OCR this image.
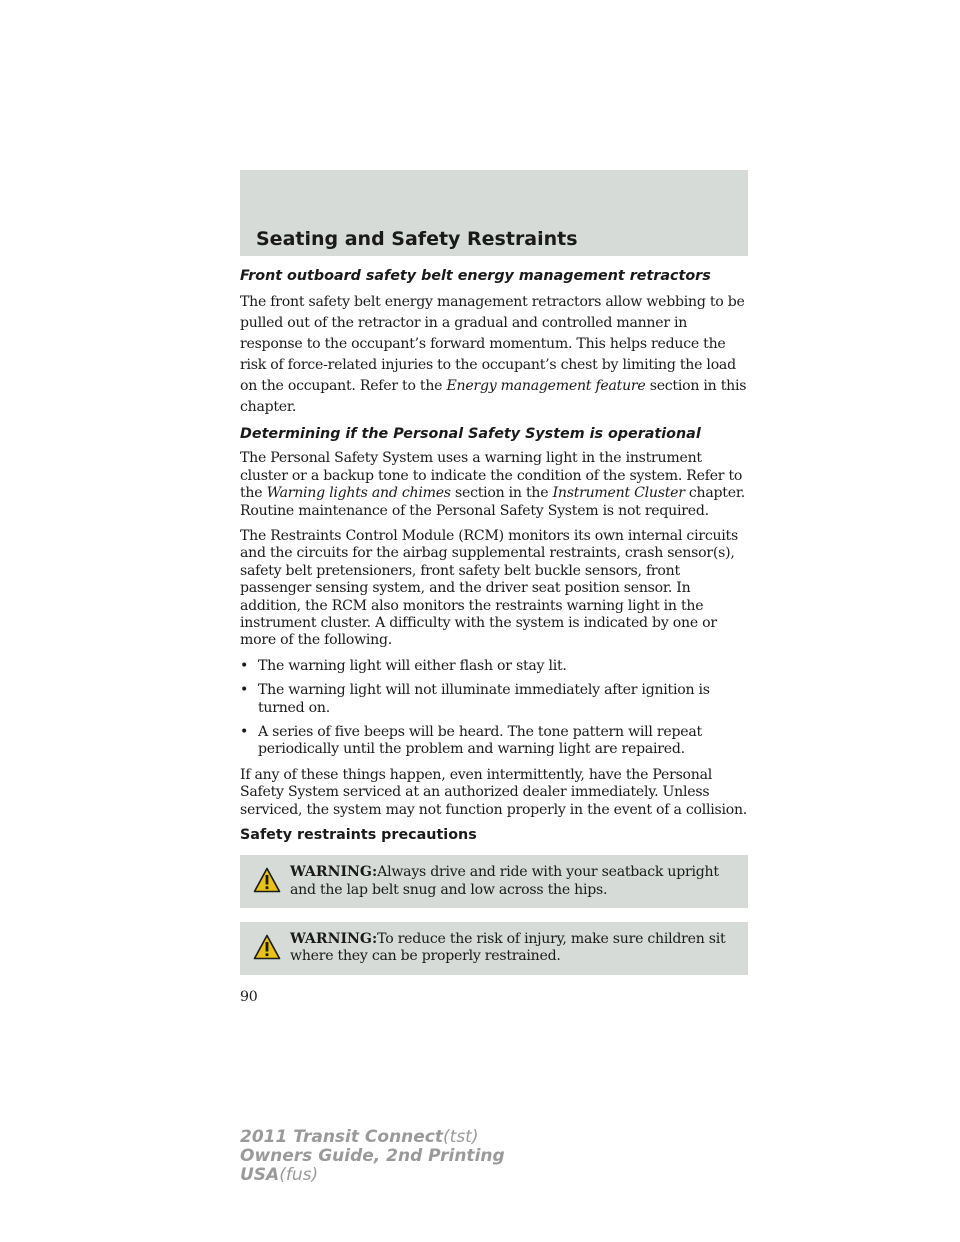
Seating and Safety Restraints
Front outboard safety belt energy management retractors

The front safety belt energy management retractors allow webbing to be pulled out of the retractor in a gradual and controlled manner in response to the occupant’s forward momentum. This helps reduce the risk of force-related injuries to the occupant’s chest by limiting the load on the occupant. Refer to the Energy management feature section in this chapter.

Determining if the Personal Safety System is operational

The Personal Safety System uses a warning light in the instrument cluster or a backup tone to indicate the condition of the system. Refer to the Warning lights and chimes section in the Instrument Cluster chapter. Routine maintenance of the Personal Safety System is not required.

The Restraints Control Module (RCM) monitors its own internal circuits and the circuits for the airbag supplemental restraints, crash sensor(s), safety belt pretensioners, front safety belt buckle sensors, front passenger sensing system, and the driver seat position sensor. In addition, the RCM also monitors the restraints warning light in the instrument cluster. A difficulty with the system is indicated by one or more of the following.

• The warning light will either flash or stay lit.
• The warning light will not illuminate immediately after ignition is turned on.
• A series of five beeps will be heard. The tone pattern will repeat periodically until the problem and warning light are repaired.

If any of these things happen, even intermittently, have the Personal Safety System serviced at an authorized dealer immediately. Unless serviced, the system may not function properly in the event of a collision.

Safety restraints precautions

WARNING:Always drive and ride with your seatback upright and the lap belt snug and low across the hips.

WARNING:To reduce the risk of injury, make sure children sit where they can be properly restrained.

90

2011 Transit Connect(tst)
Owners Guide, 2nd Printing
USA(fus)
